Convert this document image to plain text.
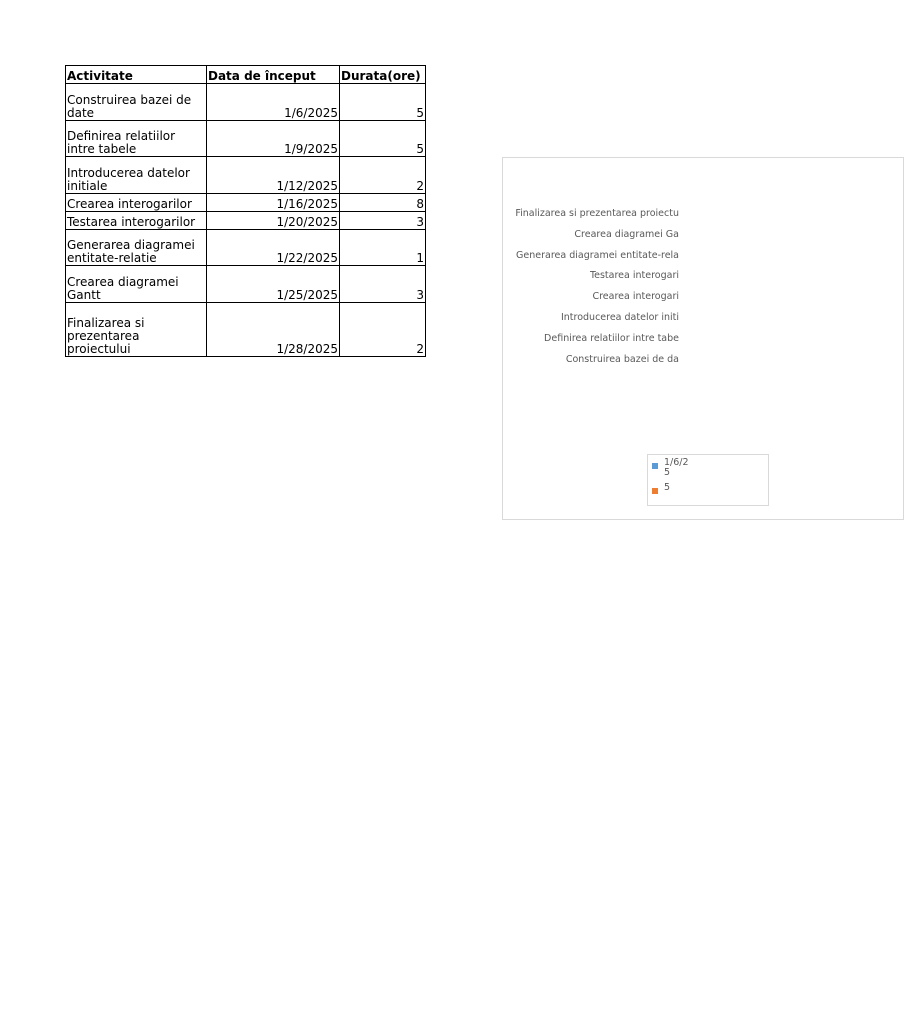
Activitate	Data de început	Durata(ore)
Construirea bazei de date	1/6/2025	5
Definirea relatiilor intre tabele	1/9/2025	5
Introducerea datelor initiale	1/12/2025	2
Crearea interogarilor	1/16/2025	8
Testarea interogarilor	1/20/2025	3
Generarea diagramei entitate-relatie	1/22/2025	1
Crearea diagramei Gantt	1/25/2025	3
Finalizarea si prezentarea proiectului	1/28/2025	2
Finalizarea si prezentarea proiectu
Crearea diagramei Ga
Generarea diagramei entitate-rela
Testarea interogari
Crearea interogari
Introducerea datelor initi
Definirea relatiilor intre tabe
Construirea bazei de da
1/6/25
5
